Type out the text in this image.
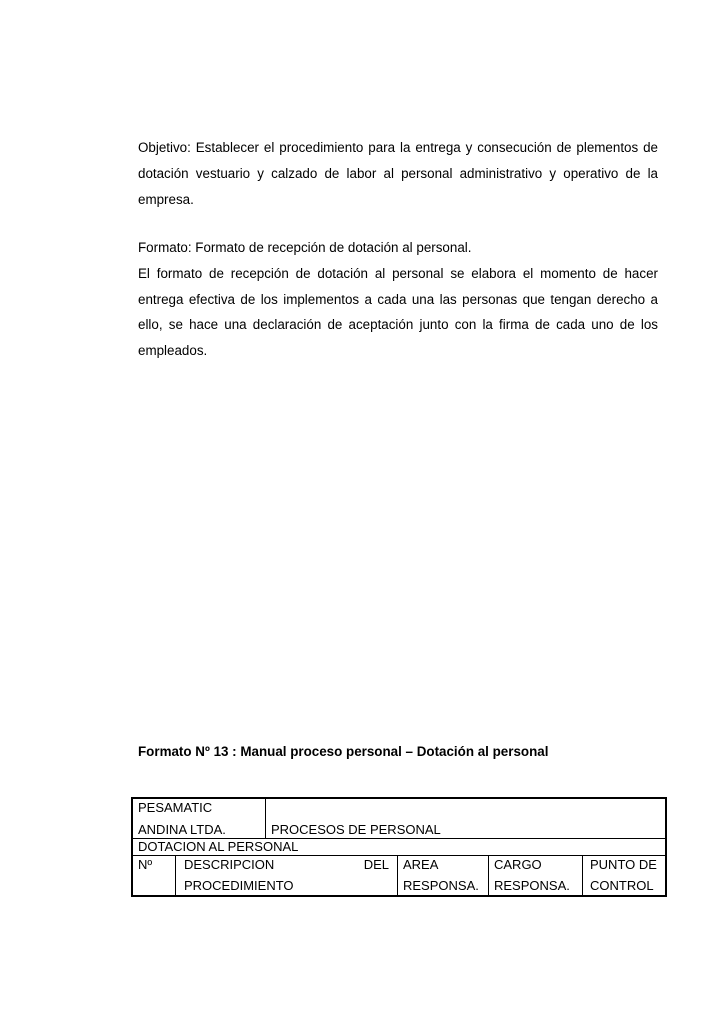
Objetivo: Establecer el procedimiento para la entrega y consecución de plementos de dotación vestuario y calzado de labor al personal administrativo y operativo de la empresa.

Formato: Formato de recepción de dotación al personal.

El formato de recepción de dotación al personal se elabora el momento de hacer entrega efectiva de los implementos a cada una las personas que tengan derecho a ello, se hace una declaración de aceptación junto con la firma de cada uno de los empleados.

Formato Nº 13 : Manual proceso personal – Dotación al personal
PESAMATIC
ANDINA LTDA.	PROCESOS DE PERSONAL
DOTACION AL PERSONAL
Nº DESCRIPCION	DEL
PROCEDIMIENTO
AREA
RESPONSA.
CARGO
RESPONSA.
PUNTO DE
CONTROL
